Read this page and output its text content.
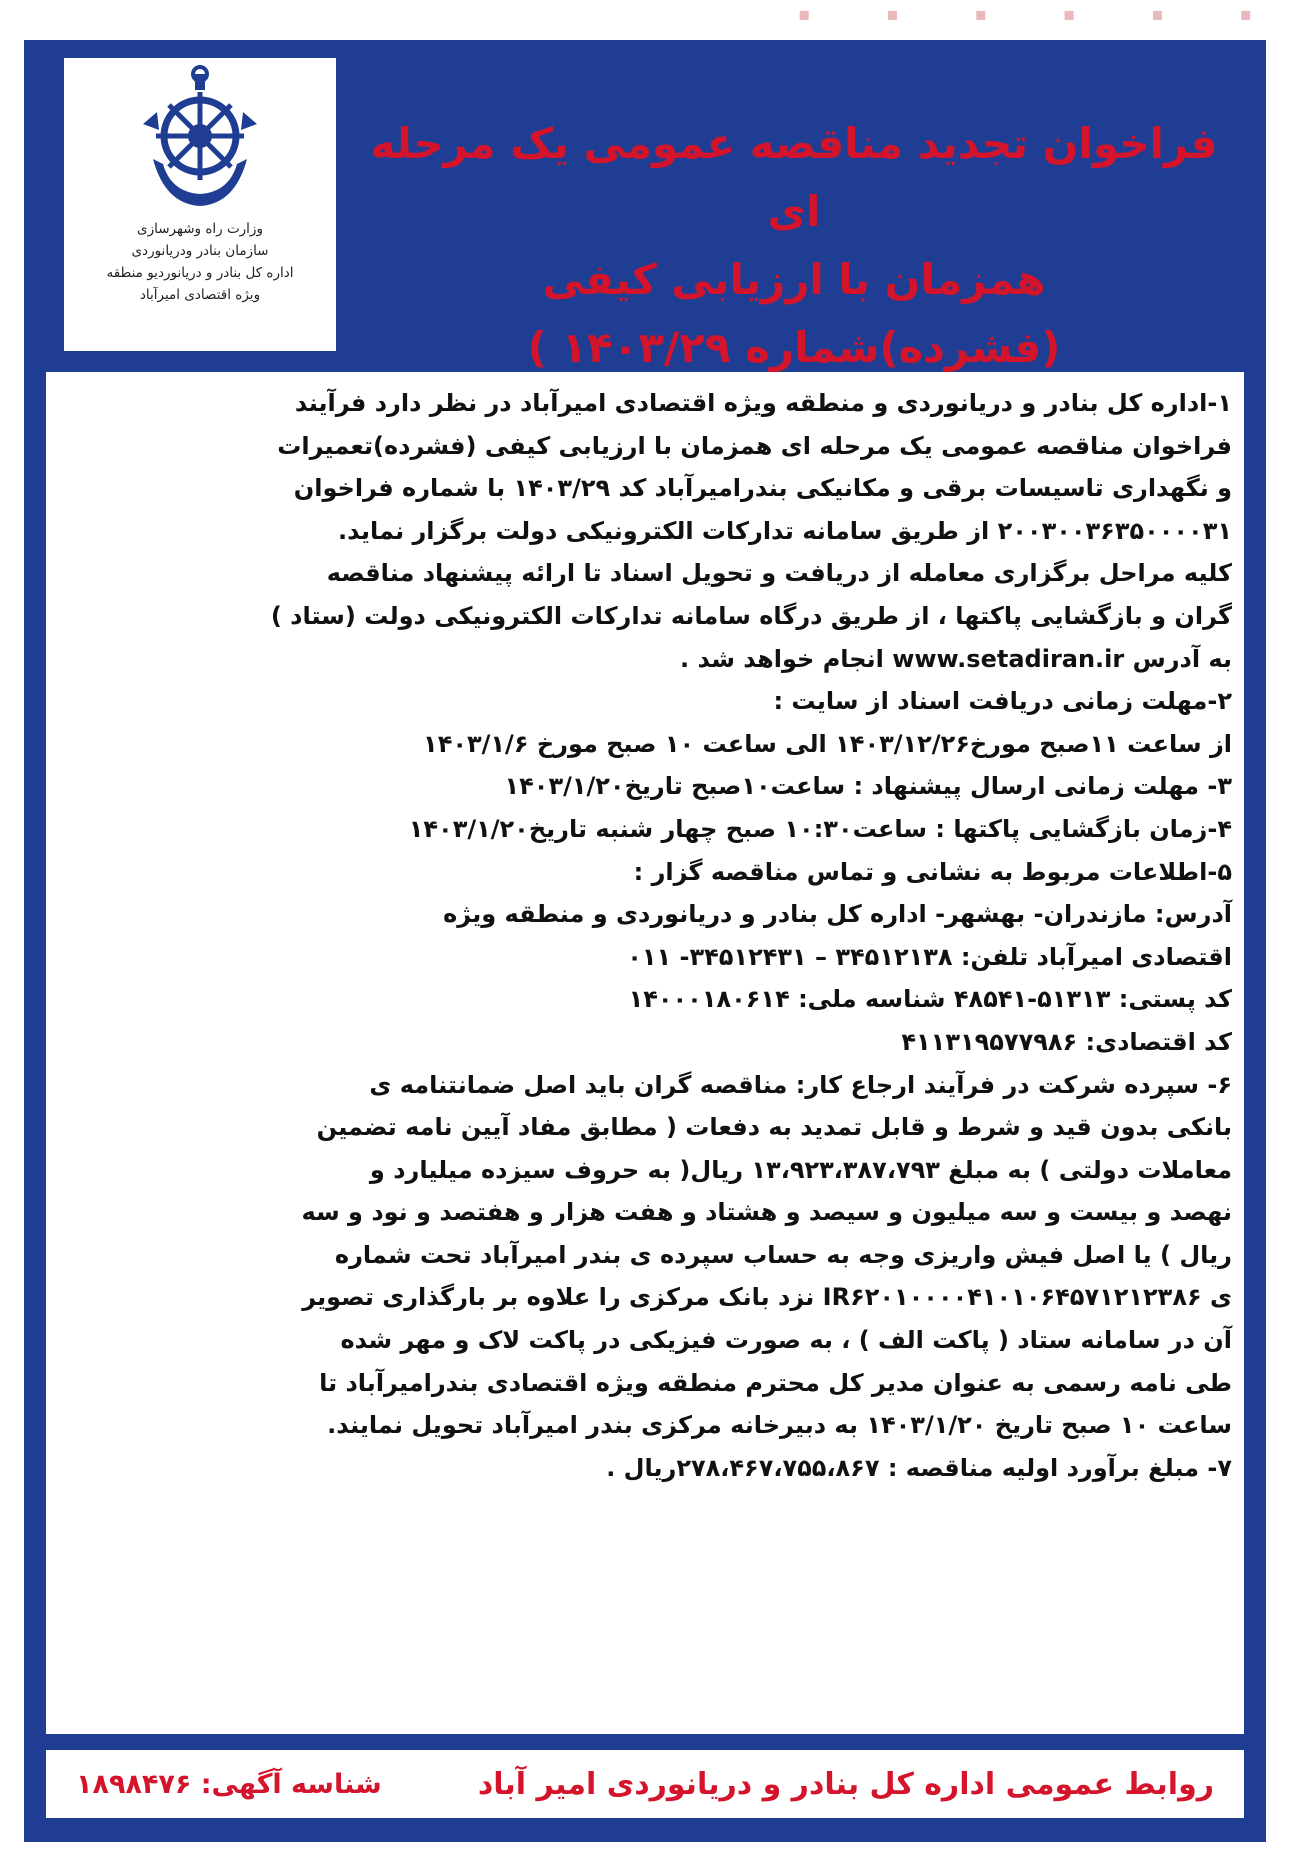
▪	▪	▪	▪	▪	▪
وزارت راه وشهرسازی
سازمان بنادر ودریانوردی
اداره کل بنادر و دریانوردیو منطقه
ویژه اقتصادی امیرآباد
فراخوان تجدید مناقصه عمومی یک مرحله ای
همزمان با ارزیابی کیفی
(فشرده)شماره ۱۴۰۳/۲۹ )

۱-اداره کل بنادر و دریانوردی و منطقه ویژه اقتصادی امیرآباد در نظر دارد فرآیند

فراخوان مناقصه عمومی یک مرحله ای همزمان با ارزیابی کیفی (فشرده)تعمیرات

و نگهداری تاسیسات برقی و مکانیکی بندرامیرآباد کد ۱۴۰۳/۲۹ با شماره فراخوان

۲۰۰۳۰۰۳۶۳۵۰۰۰۰۳۱ از طریق سامانه تدارکات الکترونیکی دولت برگزار نماید.

کلیه مراحل برگزاری معامله از دریافت و تحویل اسناد تا ارائه پیشنهاد مناقصه

گران و بازگشایی پاکتها ، از طریق درگاه سامانه تدارکات الکترونیکی دولت (ستاد )

به آدرس www.setadiran.ir انجام خواهد شد .

۲-مهلت زمانی دریافت اسناد از سایت :

از ساعت ۱۱صبح مورخ۱۴۰۳/۱۲/۲۶ الی ساعت ۱۰ صبح مورخ ۱۴۰۳/۱/۶

۳- مهلت زمانی ارسال پیشنهاد : ساعت۱۰صبح تاریخ۱۴۰۳/۱/۲۰

۴-زمان بازگشایی پاکتها : ساعت۱۰:۳۰ صبح چهار شنبه تاریخ۱۴۰۳/۱/۲۰

۵-اطلاعات مربوط به نشانی و تماس مناقصه گزار :

آدرس: مازندران- بهشهر- اداره کل بنادر و دریانوردی و منطقه ویژه

اقتصادی امیرآباد تلفن: ۳۴۵۱۲۱۳۸ – ۳۴۵۱۲۴۳۱- ۰۱۱

کد پستی: ۵۱۳۱۳-۴۸۵۴۱ شناسه ملی: ۱۴۰۰۰۱۸۰۶۱۴

کد اقتصادی: ۴۱۱۳۱۹۵۷۷۹۸۶

۶- سپرده شرکت در فرآیند ارجاع کار: مناقصه گران باید اصل ضمانتنامه ی

بانکی بدون قید و شرط و قابل تمدید به دفعات ( مطابق مفاد آیین نامه تضمین

معاملات دولتی ) به مبلغ ۱۳،۹۲۳،۳۸۷،۷۹۳ ریال( به حروف سیزده میلیارد و

نهصد و بیست و سه میلیون و سیصد و هشتاد و هفت هزار و هفتصد و نود و سه

ریال ) یا اصل فیش واریزی وجه به حساب سپرده ی بندر امیرآباد تحت شماره

ی IR۶۲۰۱۰۰۰۰۴۱۰۱۰۶۴۵۷۱۲۱۲۳۸۶ نزد بانک مرکزی را علاوه بر بارگذاری تصویر

آن در سامانه ستاد ( پاکت الف ) ، به صورت فیزیکی در پاکت لاک و مهر شده

طی نامه رسمی به عنوان مدیر کل محترم منطقه ویژه اقتصادی بندرامیرآباد تا

ساعت ۱۰ صبح تاریخ ۱۴۰۳/۱/۲۰ به دبیرخانه مرکزی بندر امیرآباد تحویل نمایند.

۷- مبلغ برآورد اولیه مناقصه : ۲۷۸،۴۶۷،۷۵۵،۸۶۷ریال .

روابط عمومی اداره کل بنادر و دریانوردی امیر آباد
شناسه آگهی: ۱۸۹۸۴۷۶
